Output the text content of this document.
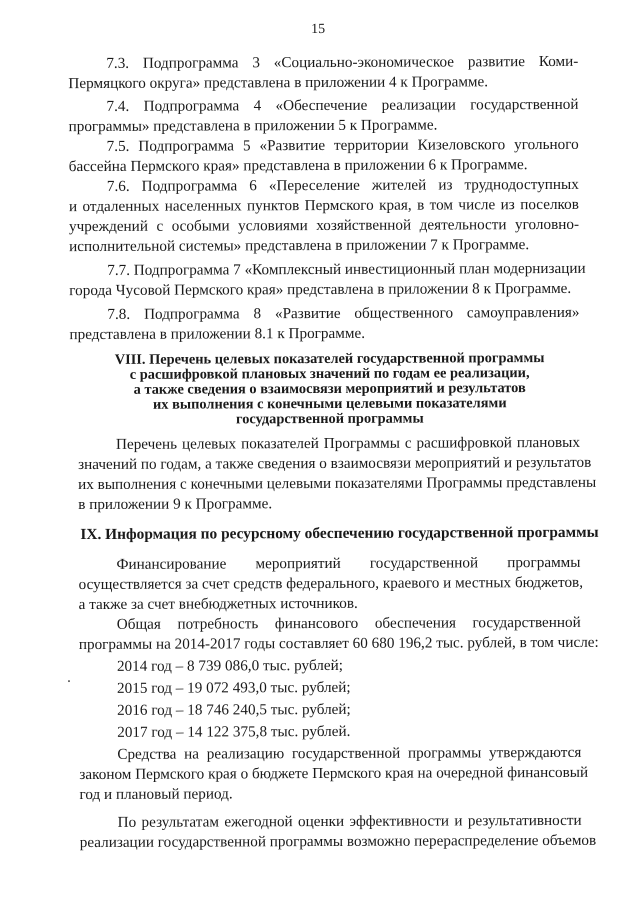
15
7.3. Подпрограмма 3 «Социально-экономическое развитие Коми-
Пермяцкого округа» представлена в приложении 4 к Программе.
7.4. Подпрограмма 4 «Обеспечение реализации государственной
программы» представлена в приложении 5 к Программе.
7.5. Подпрограмма 5 «Развитие территории Кизеловского угольного
бассейна Пермского края» представлена в приложении 6 к Программе.
7.6. Подпрограмма 6 «Переселение жителей из труднодоступных
и отдаленных населенных пунктов Пермского края, в том числе из поселков
учреждений с особыми условиями хозяйственной деятельности уголовно-
исполнительной системы» представлена в приложении 7 к Программе.
7.7. Подпрограмма 7 «Комплексный инвестиционный план модернизации
города Чусовой Пермского края» представлена в приложении 8 к Программе.
7.8. Подпрограмма 8 «Развитие общественного самоуправления»
представлена в приложении 8.1 к Программе.
VIII. Перечень целевых показателей государственной программы
с расшифровкой плановых значений по годам ее реализации,
а также сведения о взаимосвязи мероприятий и результатов
их выполнения с конечными целевыми показателями
государственной программы
Перечень целевых показателей Программы с расшифровкой плановых
значений по годам, а также сведения о взаимосвязи мероприятий и результатов
их выполнения с конечными целевыми показателями Программы представлены
в приложении 9 к Программе.
IX. Информация по ресурсному обеспечению государственной программы
Финансирование мероприятий государственной программы
осуществляется за счет средств федерального, краевого и местных бюджетов,
а также за счет внебюджетных источников.
Общая потребность финансового обеспечения государственной
программы на 2014-2017 годы составляет 60 680 196,2 тыс. рублей, в том числе:
2014 год – 8 739 086,0 тыс. рублей;
2015 год – 19 072 493,0 тыс. рублей;
2016 год – 18 746 240,5 тыс. рублей;
2017 год – 14 122 375,8 тыс. рублей.
Средства на реализацию государственной программы утверждаются
законом Пермского края о бюджете Пермского края на очередной финансовый
год и плановый период.
По результатам ежегодной оценки эффективности и результативности
реализации государственной программы возможно перераспределение объемов
